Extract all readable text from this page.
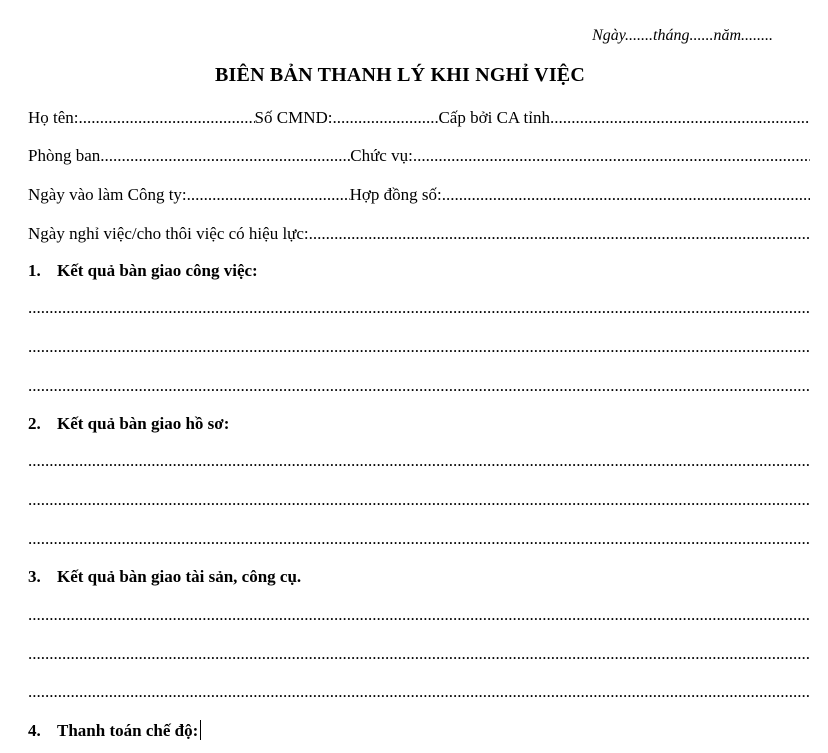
Ngày.......tháng......năm........
BIÊN BẢN THANH LÝ KHI NGHỈ VIỆC
Họ tên: .....	Số CMND: .....	Cấp bởi CA tỉnh
.....
Phòng ban .....	Chức vụ:
.....
Ngày vào làm Công ty: .....	Hợp đồng số:
.....
Ngày nghỉ việc/cho thôi việc có hiệu lực:
.....
1. Kết quả bàn giao công việc:
.....
.....
.....
2. Kết quả bàn giao hồ sơ:
.....
.....
.....
3. Kết quả bàn giao tài sản, công cụ.
.....
.....
.....
4. Thanh toán chế độ:
